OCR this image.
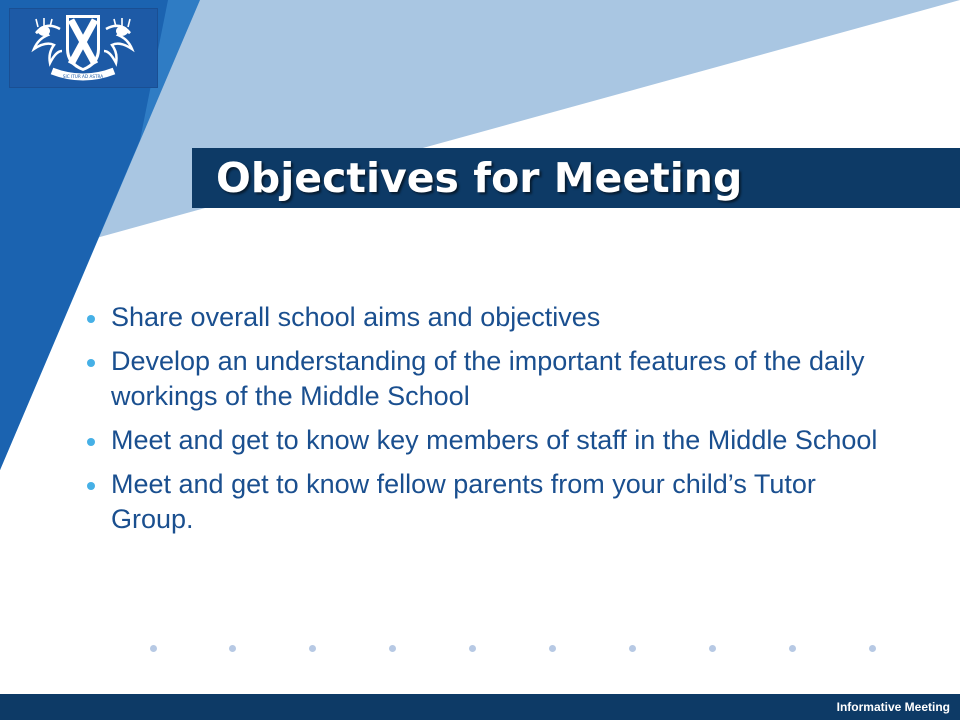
SIC ITUR AD ASTRA
Objectives for Meeting
Share overall school aims and objectives
Develop an understanding of the important features of the daily workings of the Middle School
Meet and get to know key members of staff in the Middle School
Meet and get to know fellow parents from your child’s Tutor Group.
Informative Meeting
